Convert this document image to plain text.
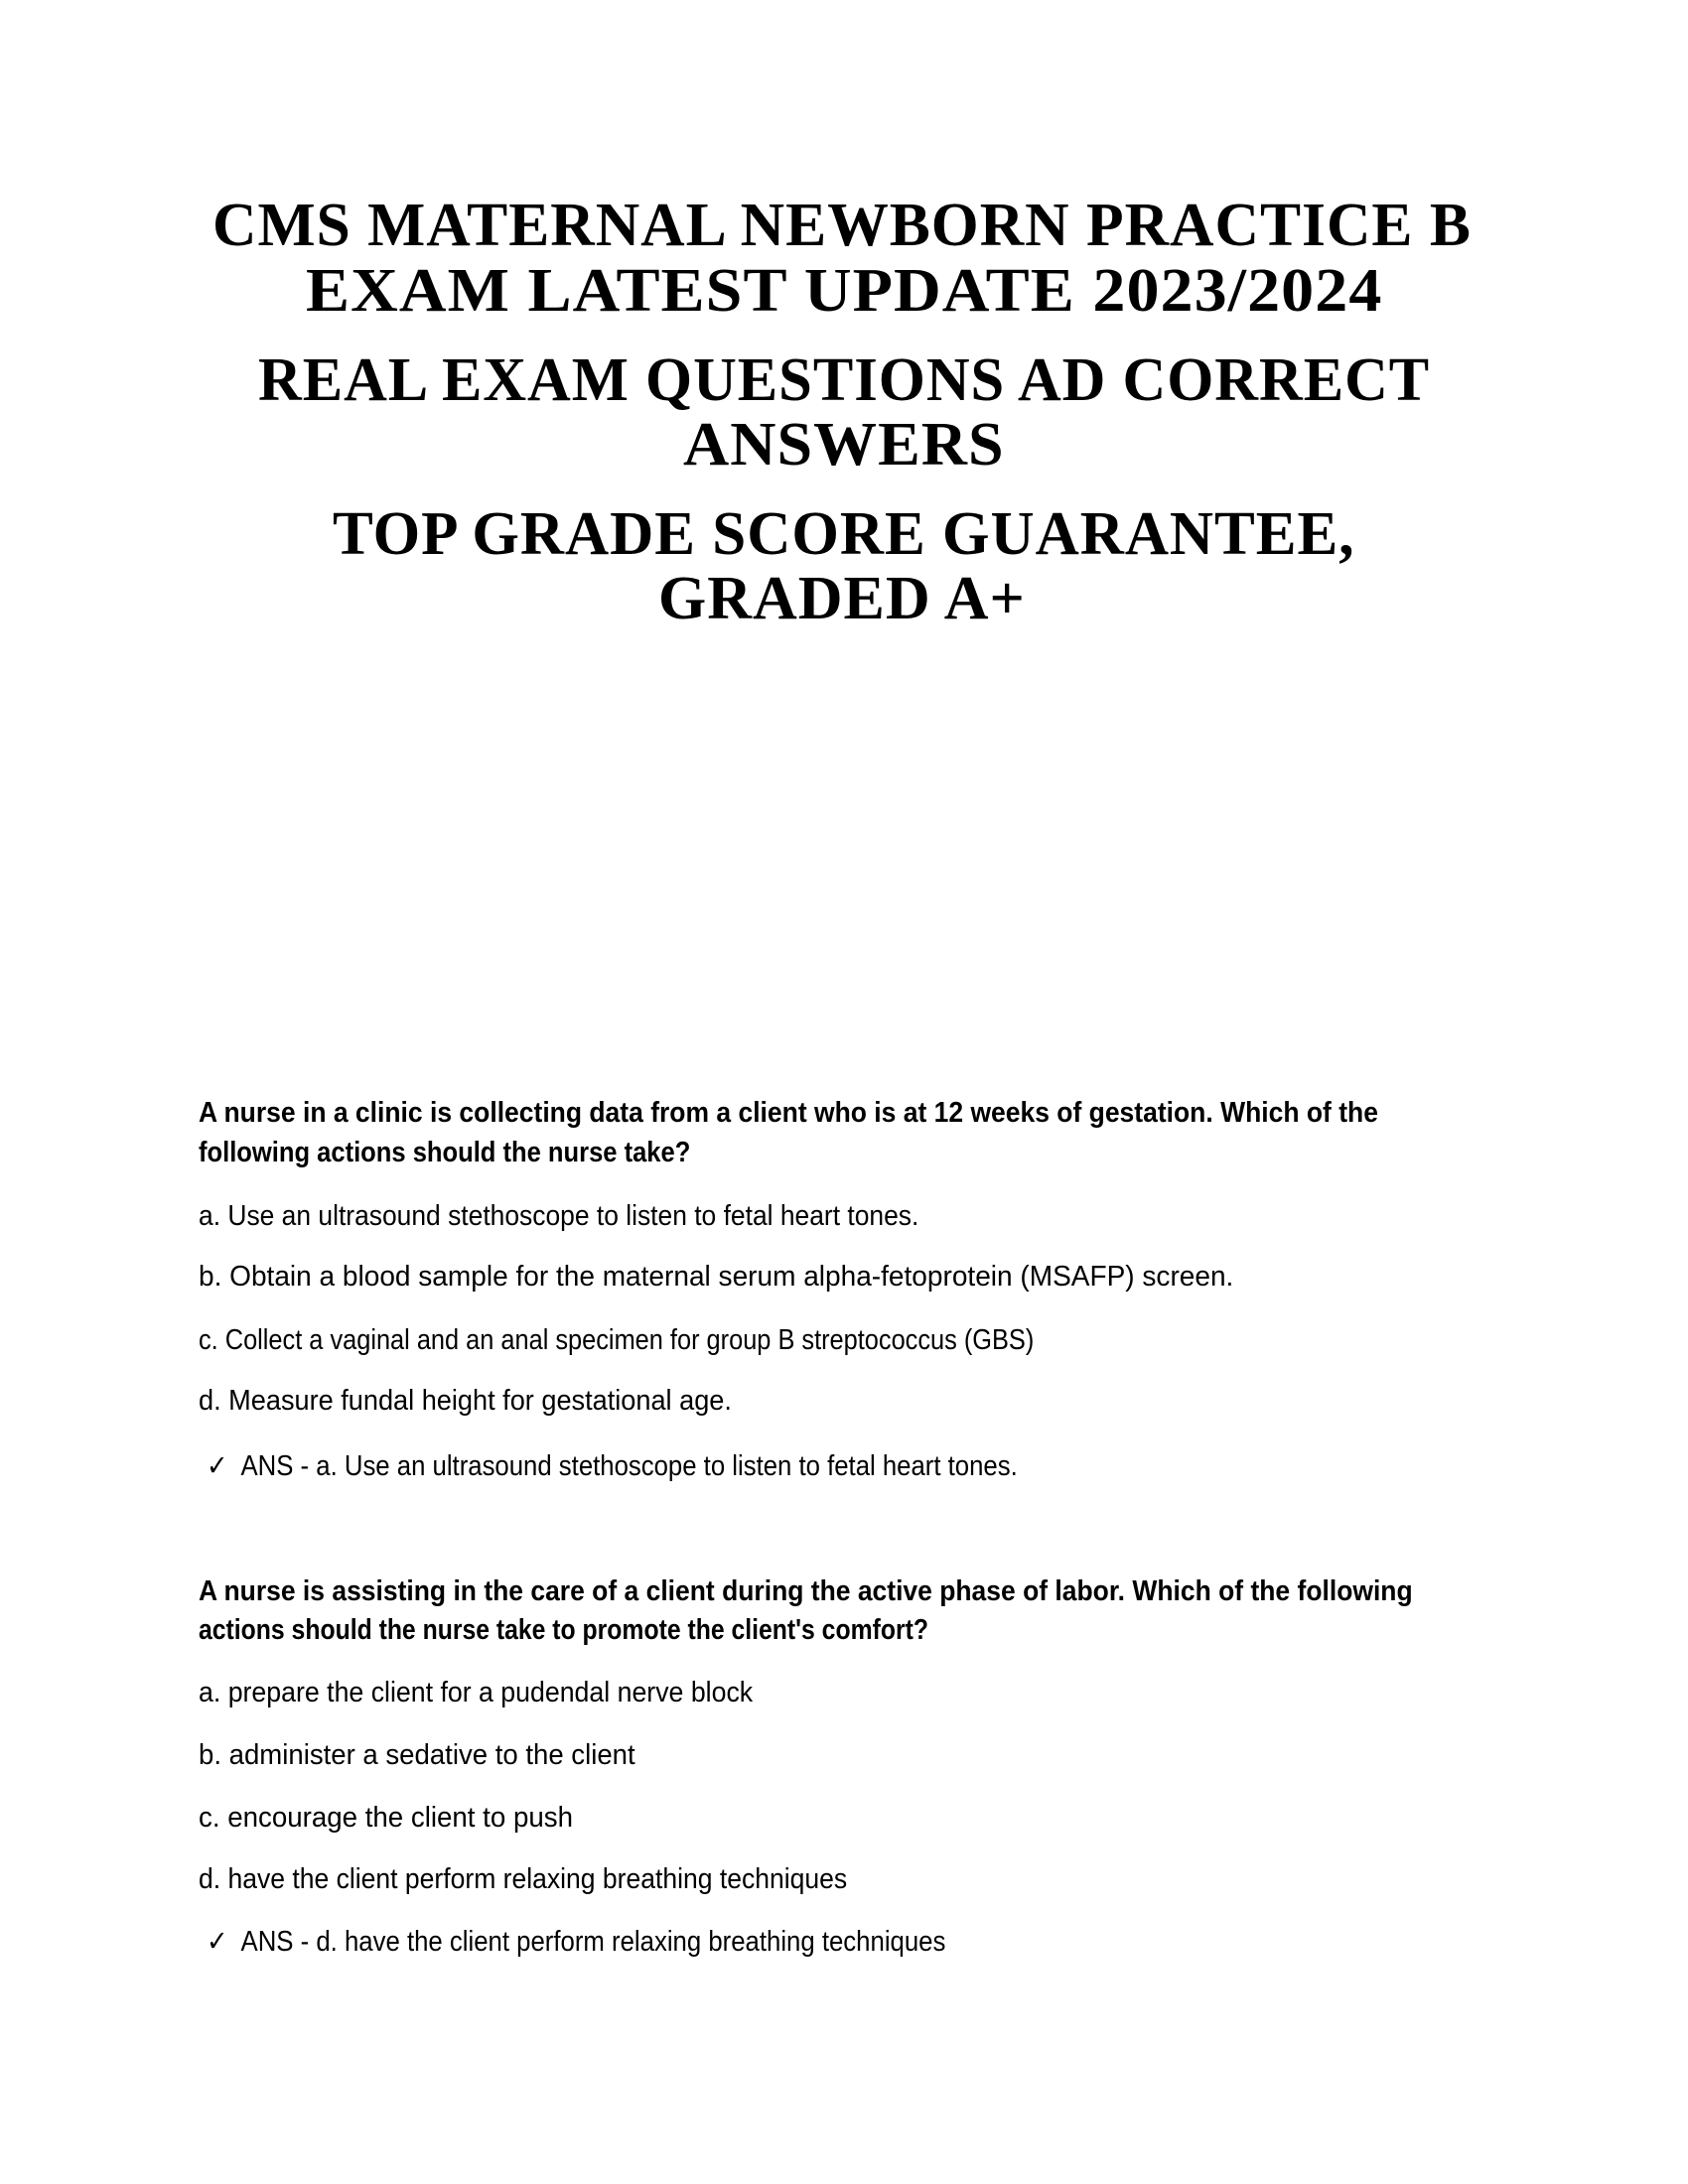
CMS MATERNAL NEWBORN PRACTICE B
EXAM LATEST UPDATE 2023/2024
REAL EXAM QUESTIONS AD CORRECT
ANSWERS
TOP GRADE SCORE GUARANTEE,
GRADED A+
A nurse in a clinic is collecting data from a client who is at 12 weeks of gestation. Which of the
following actions should the nurse take?
a. Use an ultrasound stethoscope to listen to fetal heart tones.
b. Obtain a blood sample for the maternal serum alpha-fetoprotein (MSAFP) screen.
c. Collect a vaginal and an anal specimen for group B streptococcus (GBS)
d. Measure fundal height for gestational age.
✓ ANS - a. Use an ultrasound stethoscope to listen to fetal heart tones.
A nurse is assisting in the care of a client during the active phase of labor. Which of the following
actions should the nurse take to promote the client's comfort?
a. prepare the client for a pudendal nerve block
b. administer a sedative to the client
c. encourage the client to push
d. have the client perform relaxing breathing techniques
✓ ANS - d. have the client perform relaxing breathing techniques
